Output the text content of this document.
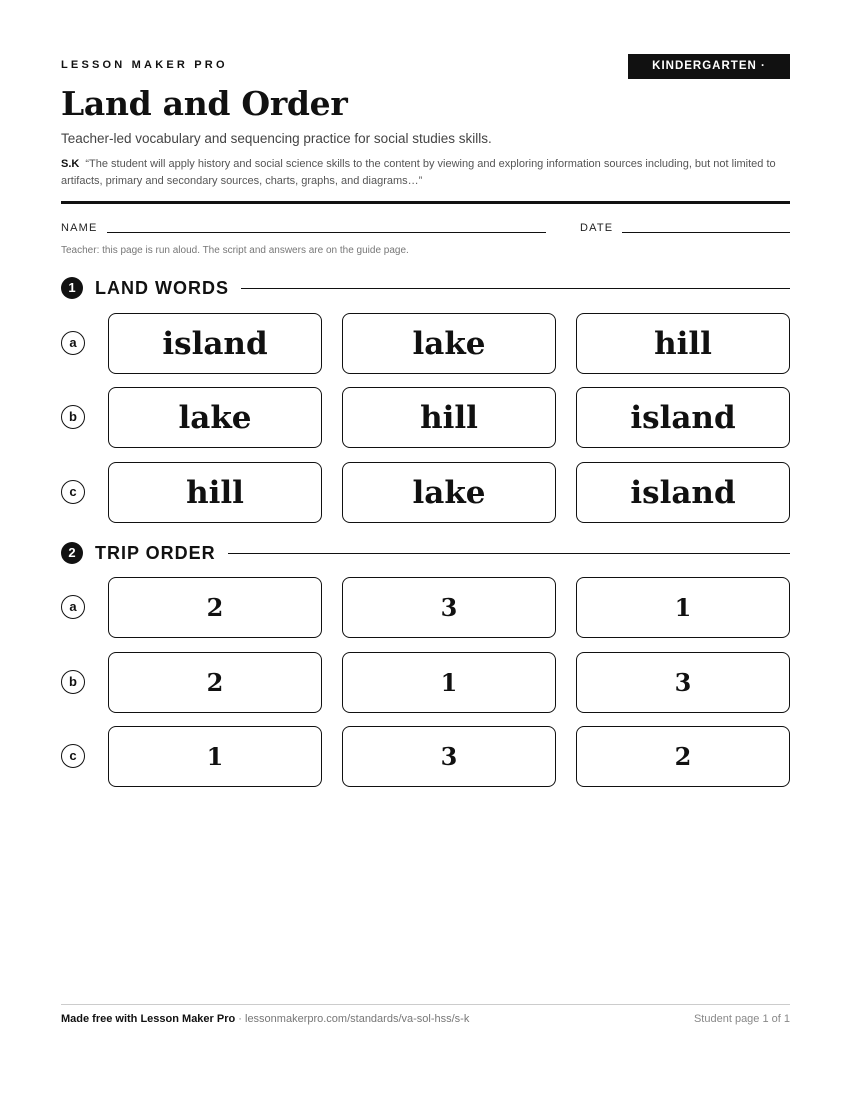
LESSON MAKER PRO	KINDERGARTEN · S.K
Land and Order
Teacher-led vocabulary and sequencing practice for social studies skills.
S.K “The student will apply history and social science skills to the content by viewing and exploring information sources including, but not limited to artifacts, primary and secondary sources, charts, graphs, and diagrams…”
NAME	DATE
Teacher: this page is run aloud. The script and answers are on the guide page.
1	LAND WORDS
a	island	lake	hill
b	lake	hill	island
c	hill	lake	island
2	TRIP ORDER
a	2	3	1
b	2	1	3
c	1	3	2
Made free with Lesson Maker Pro · lessonmakerpro.com/standards/va-sol-hss/s-k	Student page 1 of 1
